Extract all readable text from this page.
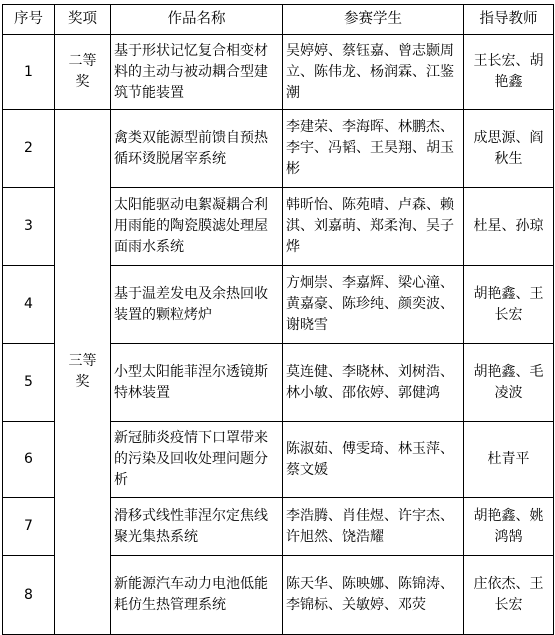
序号	奖项	作品名称	参赛学生	指导教师
1	二等奖	基于形状记忆复合相变材料的主动与被动耦合型建筑节能装置	吴婷婷、蔡钰嘉、曾志颢周立、陈伟龙、杨润霖、江鉴潮	王长宏、胡艳鑫
2	三等奖	禽类双能源型前馈自预热循环烫脱屠宰系统	李建荣、李海晖、林鹏杰、李宇、冯韬、王昊翔、胡玉彬	成思源、阎秋生
3		太阳能驱动电絮凝耦合利用雨能的陶瓷膜滤处理屋面雨水系统	韩昕怡、陈苑晴、卢森、赖淇、刘嘉萌、郑柔洵、吴子烨	杜星、孙琼
4		基于温差发电及余热回收装置的颗粒烤炉	方炯崇、李嘉辉、梁心潼、黄嘉豪、陈珍纯、颜奕波、谢晓雪	胡艳鑫、王长宏
5		小型太阳能菲涅尔透镜斯特林装置	莫连健、李晓林、刘树浩、林小敏、邵依婷、郭健鸿	胡艳鑫、毛凌波
6		新冠肺炎疫情下口罩带来的污染及回收处理问题分析	陈淑茹、傅雯琦、林玉萍、蔡文媛	杜青平
7		滑移式线性菲涅尔定焦线聚光集热系统	李浩腾、肖佳煜、许宇杰、许旭然、饶浩耀	胡艳鑫、姚鸿鹄
8		新能源汽车动力电池低能耗仿生热管理系统	陈天华、陈映娜、陈锦涛、李锦标、关敏婷、邓荧	庄依杰、王长宏
